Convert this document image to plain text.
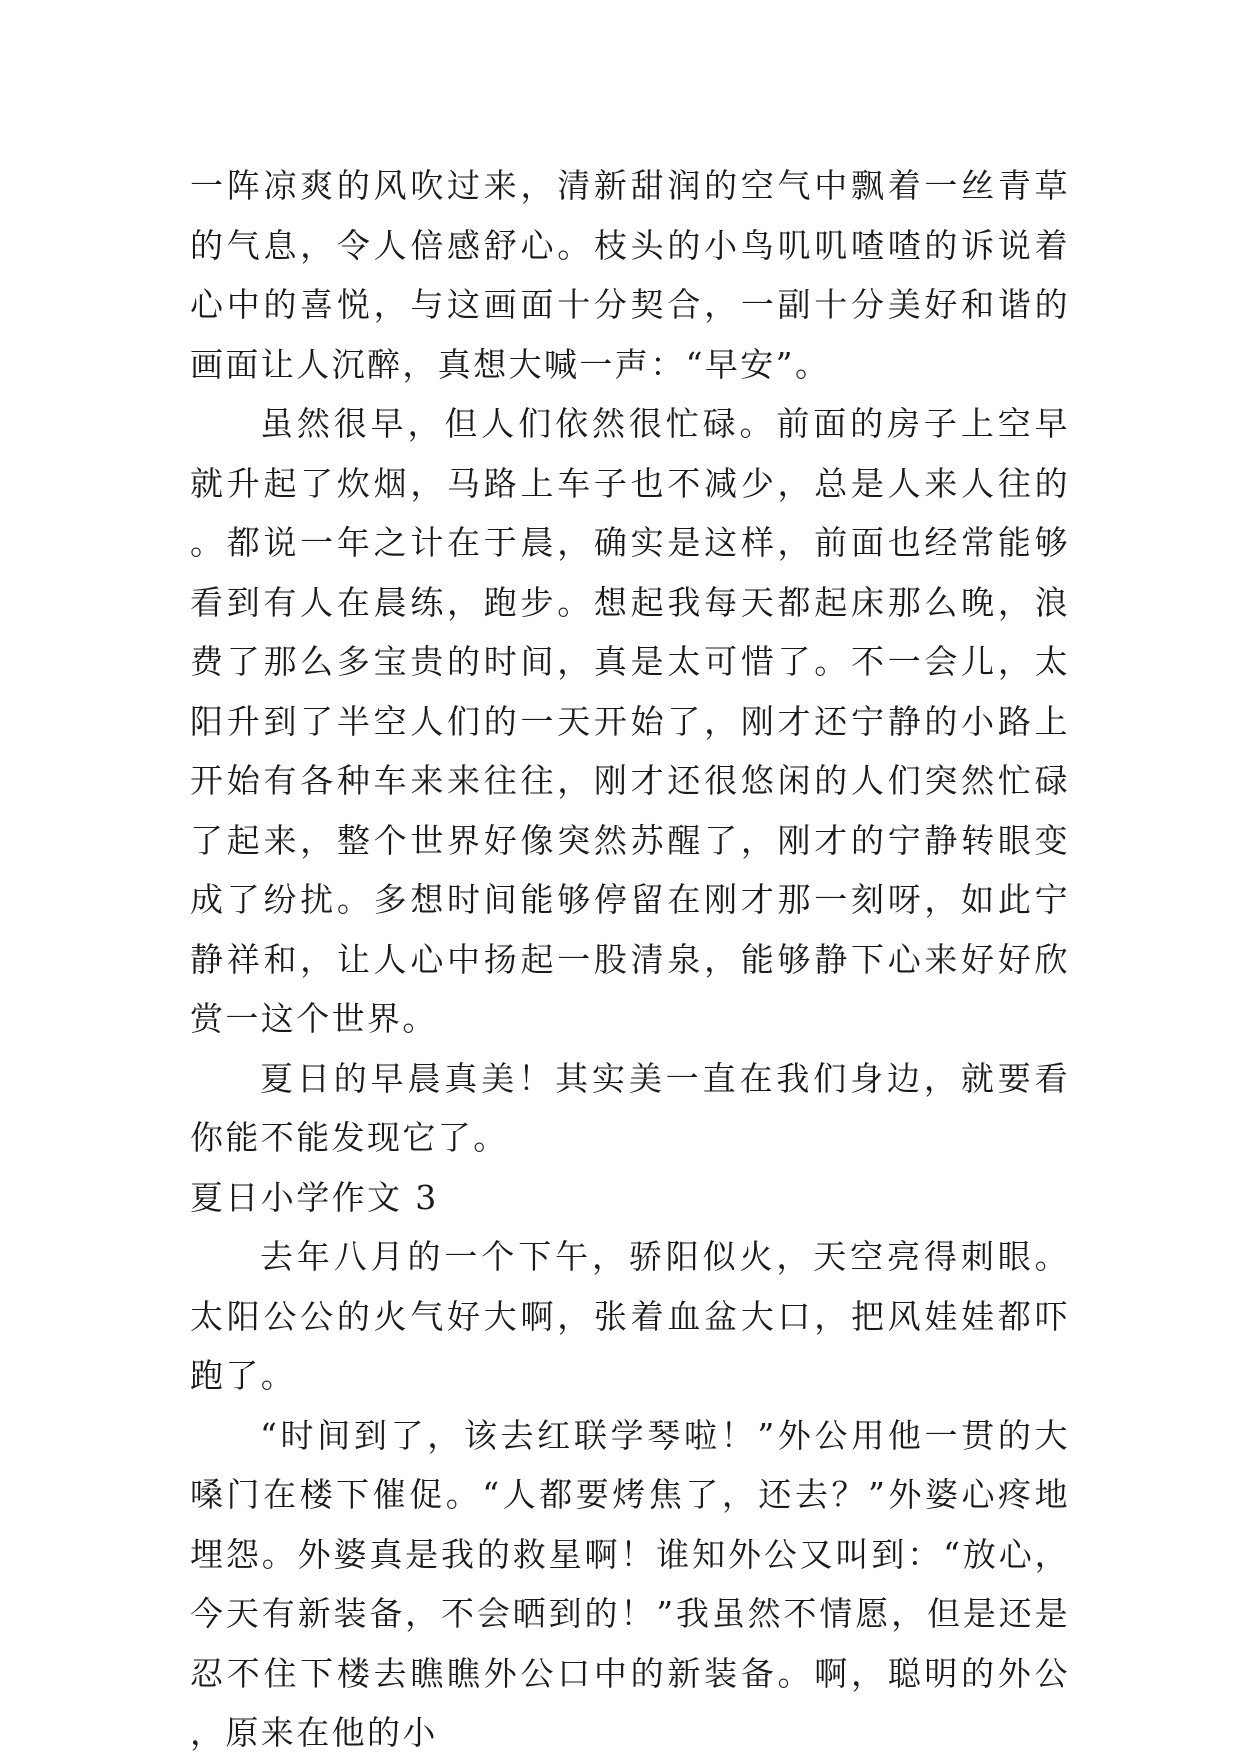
一阵凉爽的风吹过来，清新甜润的空气中飘着一丝青草的气息，令人倍感舒心。枝头的小鸟叽叽喳喳的诉说着心中的喜悦，与这画面十分契合，一副十分美好和谐的画面让人沉醉，真想大喊一声：“早安”。

虽然很早，但人们依然很忙碌。前面的房子上空早就升起了炊烟，马路上车子也不减少，总是人来人往的。都说一年之计在于晨，确实是这样，前面也经常能够看到有人在晨练，跑步。想起我每天都起床那么晚，浪费了那么多宝贵的时间，真是太可惜了。不一会儿，太阳升到了半空人们的一天开始了，刚才还宁静的小路上开始有各种车来来往往，刚才还很悠闲的人们突然忙碌了起来，整个世界好像突然苏醒了，刚才的宁静转眼变成了纷扰。多想时间能够停留在刚才那一刻呀，如此宁静祥和，让人心中扬起一股清泉，能够静下心来好好欣赏一这个世界。

夏日的早晨真美！其实美一直在我们身边，就要看你能不能发现它了。

夏日小学作文 3

去年八月的一个下午，骄阳似火，天空亮得刺眼。太阳公公的火气好大啊，张着血盆大口，把风娃娃都吓跑了。

“时间到了，该去红联学琴啦！”外公用他一贯的大嗓门在楼下催促。“人都要烤焦了，还去？”外婆心疼地埋怨。外婆真是我的救星啊！谁知外公又叫到：“放心，今天有新装备，不会晒到的！”我虽然不情愿，但是还是忍不住下楼去瞧瞧外公口中的新装备。啊，聪明的外公，原来在他的小
